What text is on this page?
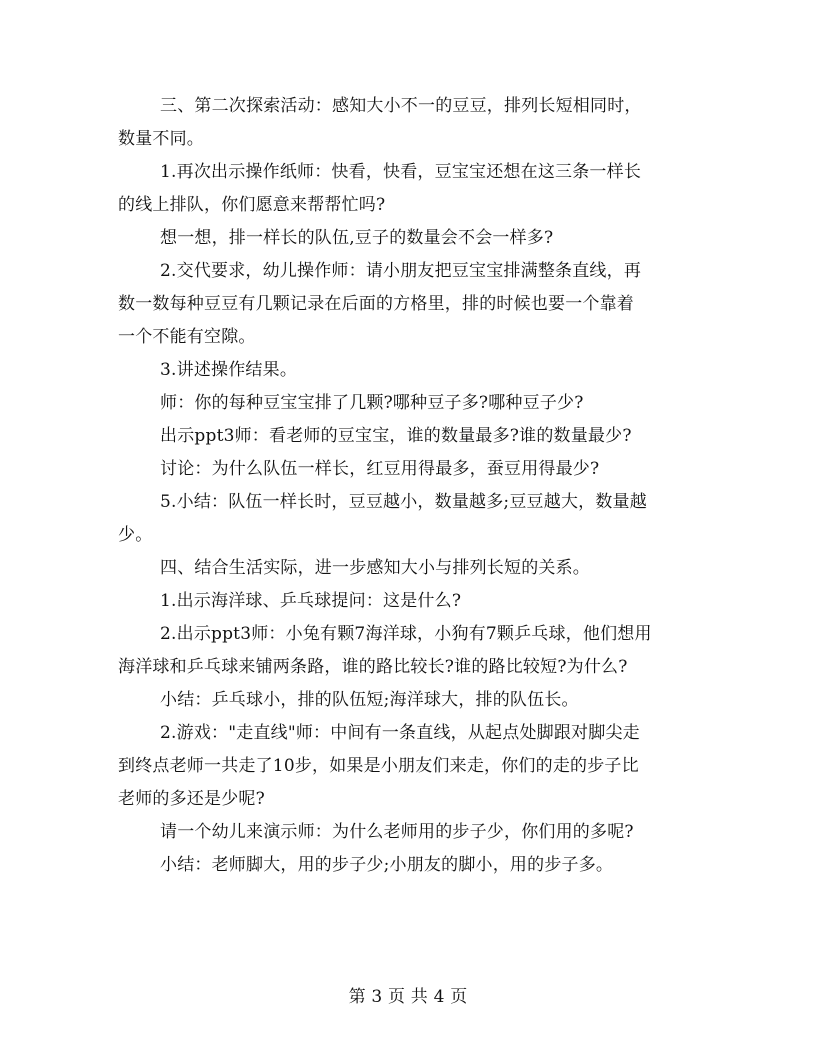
三、第二次探索活动：感知大小不一的豆豆，排列长短相同时，
数量不同。
1.再次出示操作纸师：快看，快看，豆宝宝还想在这三条一样长
的线上排队，你们愿意来帮帮忙吗?
想一想，排一样长的队伍,豆子的数量会不会一样多?
2.交代要求，幼儿操作师：请小朋友把豆宝宝排满整条直线，再
数一数每种豆豆有几颗记录在后面的方格里，排的时候也要一个靠着
一个不能有空隙。
3.讲述操作结果。
师：你的每种豆宝宝排了几颗?哪种豆子多?哪种豆子少?
出示ppt3师：看老师的豆宝宝，谁的数量最多?谁的数量最少?
讨论：为什么队伍一样长，红豆用得最多，蚕豆用得最少?
5.小结：队伍一样长时，豆豆越小，数量越多;豆豆越大，数量越
少。
四、结合生活实际，进一步感知大小与排列长短的关系。
1.出示海洋球、乒乓球提问：这是什么?
2.出示ppt3师：小兔有颗7海洋球，小狗有7颗乒乓球，他们想用
海洋球和乒乓球来铺两条路，谁的路比较长?谁的路比较短?为什么?
小结：乒乓球小，排的队伍短;海洋球大，排的队伍长。
2.游戏："走直线"师：中间有一条直线，从起点处脚跟对脚尖走
到终点老师一共走了10步，如果是小朋友们来走，你们的走的步子比
老师的多还是少呢?
请一个幼儿来演示师：为什么老师用的步子少，你们用的多呢?
小结：老师脚大，用的步子少;小朋友的脚小，用的步子多。
第 3 页 共 4 页
